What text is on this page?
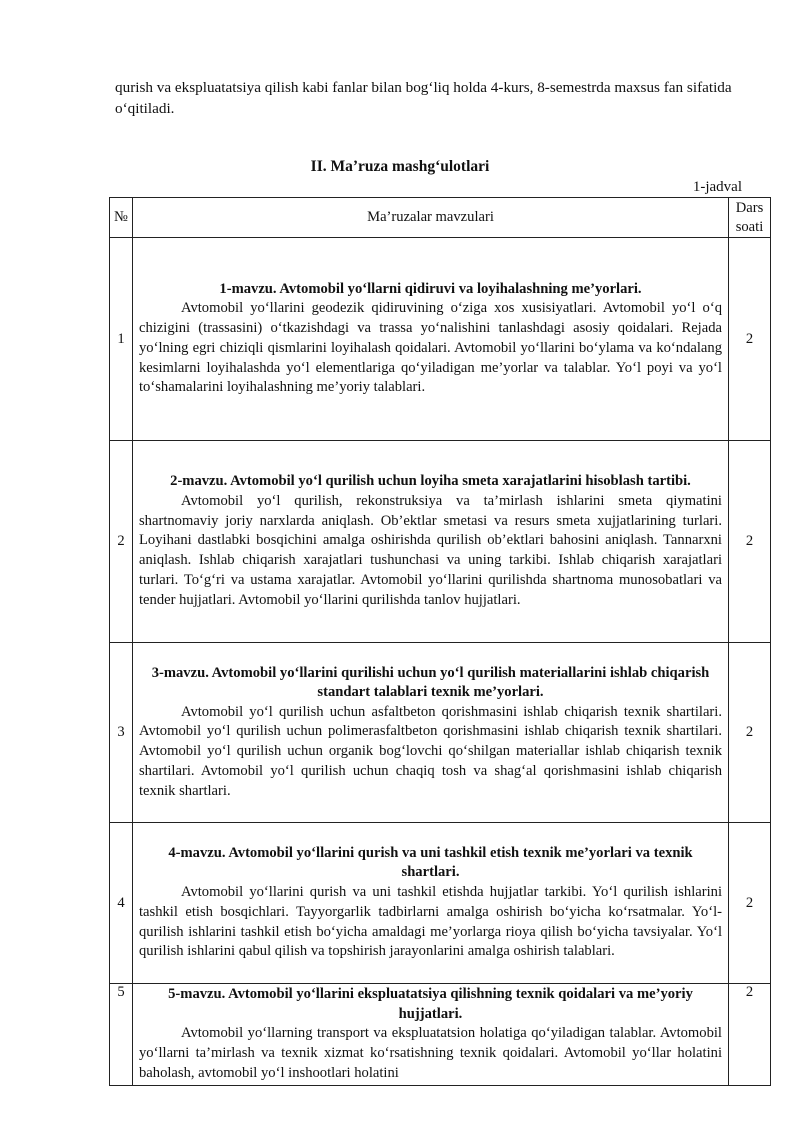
qurish va ekspluatatsiya qilish kabi fanlar bilan bog‘liq holda 4-kurs, 8-semestrda maxsus fan sifatida o‘qitiladi.

II. Ma’ruza mashg‘ulotlari
1-jadval
№	Ma’ruzalar mavzulari	Dars soati
1	1-mavzu. Avtomobil yo‘llarni qidiruvi va loyihalashning me’yorlari.
Avtomobil yo‘llarini geodezik qidiruvining o‘ziga xos xusisiyatlari. Avtomobil yo‘l o‘q chizigini (trassasini) o‘tkazishdagi va trassa yo‘nalishini tanlashdagi asosiy qoidalari. Rejada yo‘lning egri chiziqli qismlarini loyihalash qoidalari. Avtomobil yo‘llarini bo‘ylama va ko‘ndalang kesimlarni loyihalashda yo‘l elementlariga qo‘yiladigan me’yorlar va talablar. Yo‘l poyi va yo‘l to‘shamalarini loyihalashning me’yoriy talablari.	2
2	2-mavzu. Avtomobil yo‘l qurilish uchun loyiha smeta xarajatlarini hisoblash tartibi.
Avtomobil yo‘l qurilish, rekonstruksiya va ta’mirlash ishlarini smeta qiymatini shartnomaviy joriy narxlarda aniqlash. Ob’ektlar smetasi va resurs smeta xujjatlarining turlari. Loyihani dastlabki bosqichini amalga oshirishda qurilish ob’ektlari bahosini aniqlash. Tannarxni aniqlash. Ishlab chiqarish xarajatlari tushunchasi va uning tarkibi. Ishlab chiqarish xarajatlari turlari. To‘g‘ri va ustama xarajatlar. Avtomobil yo‘llarini qurilishda shartnoma munosobatlari va tender hujjatlari. Avtomobil yo‘llarini qurilishda tanlov hujjatlari.	2
3	3-mavzu. Avtomobil yo‘llarini qurilishi uchun yo‘l qurilish materiallarini ishlab chiqarish standart talablari texnik me’yorlari.
Avtomobil yo‘l qurilish uchun asfaltbeton qorishmasini ishlab chiqarish texnik shartilari. Avtomobil yo‘l qurilish uchun polimerasfaltbeton qorishmasini ishlab chiqarish texnik shartilari. Avtomobil yo‘l qurilish uchun organik bog‘lovchi qo‘shilgan materiallar ishlab chiqarish texnik shartilari. Avtomobil yo‘l qurilish uchun chaqiq tosh va shag‘al qorishmasini ishlab chiqarish texnik shartlari.	2
4	4-mavzu. Avtomobil yo‘llarini qurish va uni tashkil etish texnik me’yorlari va texnik shartlari.
Avtomobil yo‘llarini qurish va uni tashkil etishda hujjatlar tarkibi. Yo‘l qurilish ishlarini tashkil etish bosqichlari. Tayyorgarlik tadbirlarni amalga oshirish bo‘yicha ko‘rsatmalar. Yo‘l-qurilish ishlarini tashkil etish bo‘yicha amaldagi me’yorlarga rioya qilish bo‘yicha tavsiyalar. Yo‘l qurilish ishlarini qabul qilish va topshirish jarayonlarini amalga oshirish talablari.	2
5	5-mavzu. Avtomobil yo‘llarini ekspluatatsiya qilishning texnik qoidalari va me’yoriy hujjatlari.
Avtomobil yo‘llarning transport va ekspluatatsion holatiga qo‘yiladigan talablar. Avtomobil yo‘llarni ta’mirlash va texnik xizmat ko‘rsatishning texnik qoidalari. Avtomobil yo‘llar holatini baholash, avtomobil yo‘l inshootlari holatini	2
